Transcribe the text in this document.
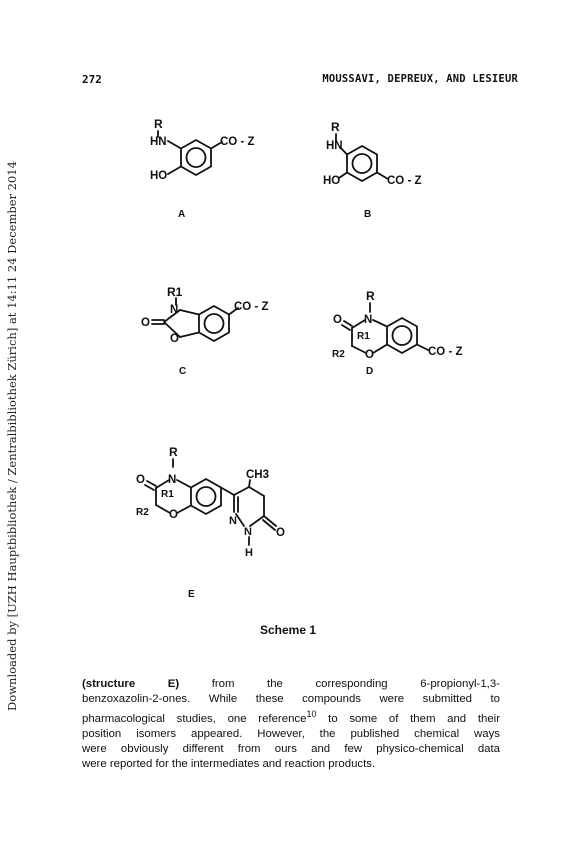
Downloaded by [UZH Hauptbibliothek / Zentralbibliothek Zürich] at 14:11 24 December 2014
272	MOUSSAVI, DEPREUX, AND LESIEUR
R
HN
HO
CO - Z
A
R
HN
HO	CO - Z
B
R1
N
O
O
CO - Z
C
R
N
O
O
R1
R2	CO - Z
D
R
N
O
O
R1
R2
CH3
N
N
H
O
E
Scheme 1
(structure E) from the corresponding 6-propionyl-1,3-
benzoxazolin-2-ones. While these compounds were submitted to
pharmacological studies, one reference$^{10}$ to some of them and their
position isomers appeared. However, the published chemical ways
were obviously different from ours and few physico-chemical data
were reported for the intermediates and reaction products.
